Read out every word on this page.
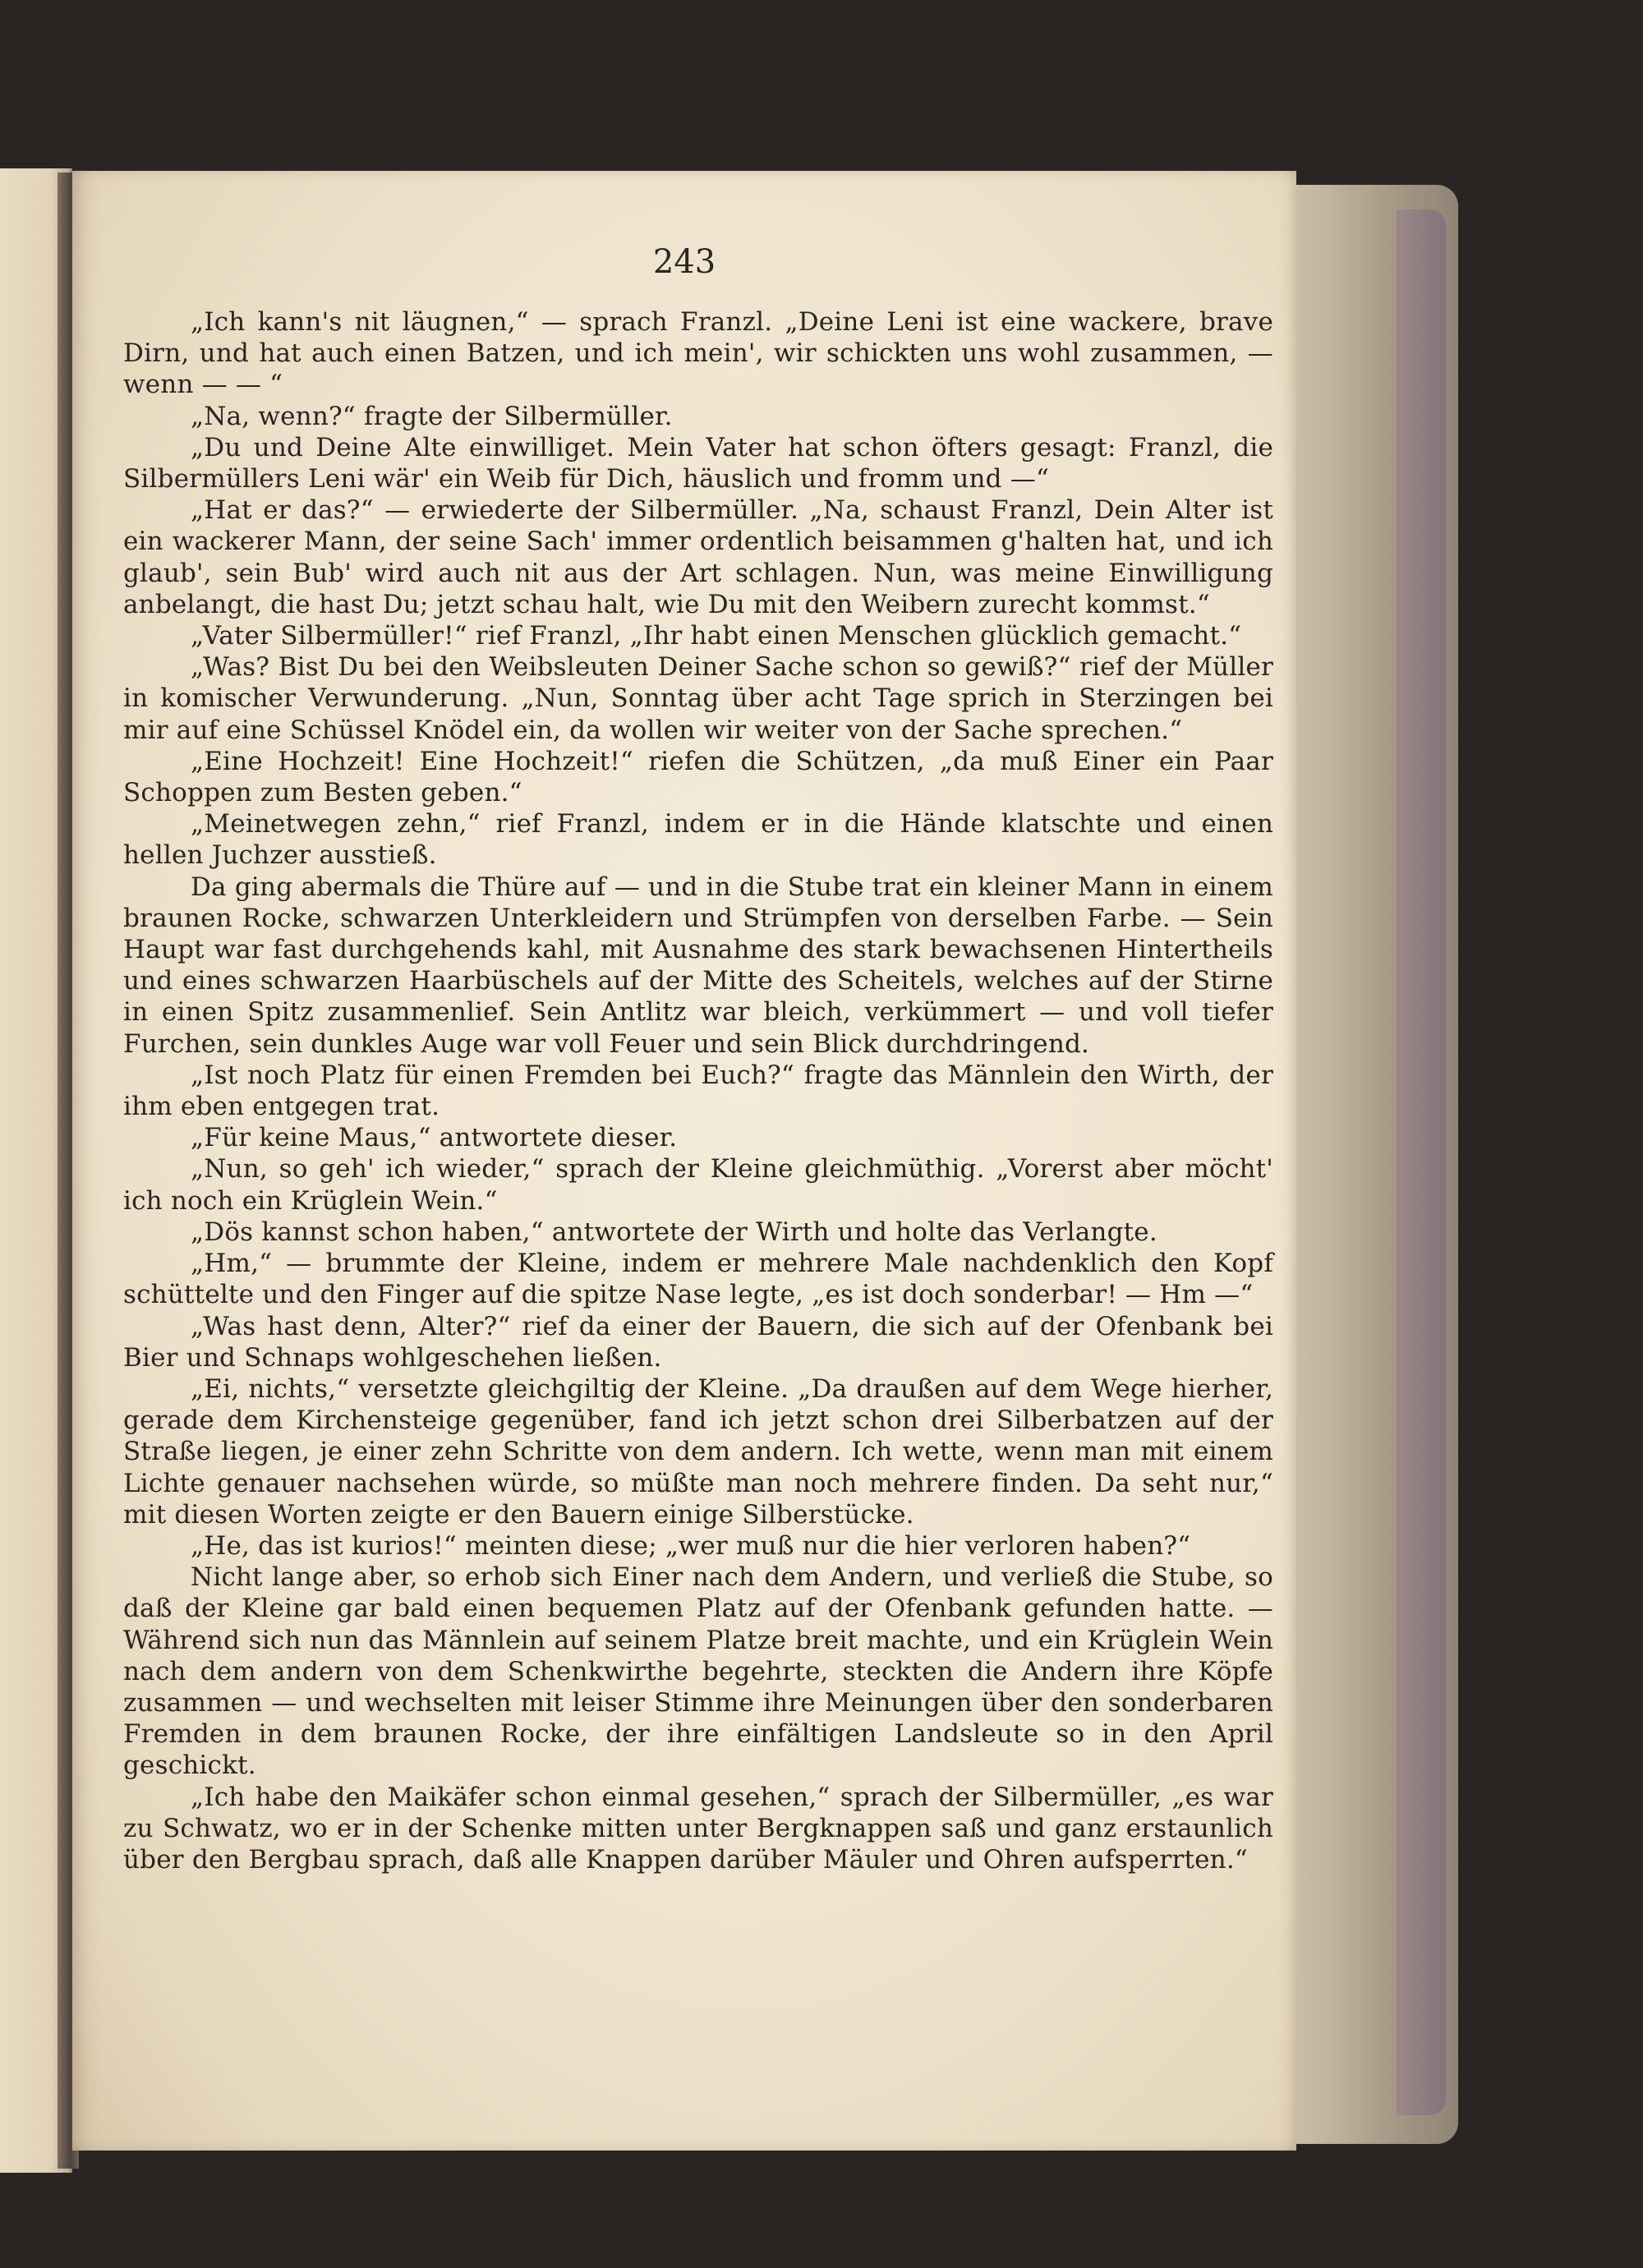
243

„Ich kann's nit läugnen,“ — sprach Franzl. „Deine Leni ist eine wackere, brave Dirn, und hat auch einen Batzen, und ich mein', wir schickten uns wohl zusammen, — wenn — — “

„Na, wenn?“ fragte der Silbermüller.

„Du und Deine Alte einwilliget. Mein Vater hat schon öfters gesagt: Franzl, die Silbermüllers Leni wär' ein Weib für Dich, häuslich und fromm und —“

„Hat er das?“ — erwiederte der Silbermüller. „Na, schaust Franzl, Dein Alter ist ein wackerer Mann, der seine Sach' immer ordentlich beisammen g'halten hat, und ich glaub', sein Bub' wird auch nit aus der Art schlagen. Nun, was meine Einwilligung anbelangt, die hast Du; jetzt schau halt, wie Du mit den Weibern zurecht kommst.“

„Vater Silbermüller!“ rief Franzl, „Ihr habt einen Menschen glücklich gemacht.“

„Was? Bist Du bei den Weibsleuten Deiner Sache schon so gewiß?“ rief der Müller in komischer Verwunderung. „Nun, Sonntag über acht Tage sprich in Sterzingen bei mir auf eine Schüssel Knödel ein, da wollen wir weiter von der Sache sprechen.“

„Eine Hochzeit! Eine Hochzeit!“ riefen die Schützen, „da muß Einer ein Paar Schoppen zum Besten geben.“

„Meinetwegen zehn,“ rief Franzl, indem er in die Hände klatschte und einen hellen Juchzer ausstieß.

Da ging abermals die Thüre auf — und in die Stube trat ein kleiner Mann in einem braunen Rocke, schwarzen Unterkleidern und Strümpfen von derselben Farbe. — Sein Haupt war fast durchgehends kahl, mit Ausnahme des stark bewachsenen Hintertheils und eines schwarzen Haarbüschels auf der Mitte des Scheitels, welches auf der Stirne in einen Spitz zusammenlief. Sein Antlitz war bleich, verkümmert — und voll tiefer Furchen, sein dunkles Auge war voll Feuer und sein Blick durchdringend.

„Ist noch Platz für einen Fremden bei Euch?“ fragte das Männlein den Wirth, der ihm eben entgegen trat.

„Für keine Maus,“ antwortete dieser.

„Nun, so geh' ich wieder,“ sprach der Kleine gleichmüthig. „Vorerst aber möcht' ich noch ein Krüglein Wein.“

„Dös kannst schon haben,“ antwortete der Wirth und holte das Verlangte.

„Hm,“ — brummte der Kleine, indem er mehrere Male nachdenklich den Kopf schüttelte und den Finger auf die spitze Nase legte, „es ist doch sonderbar! — Hm —“

„Was hast denn, Alter?“ rief da einer der Bauern, die sich auf der Ofenbank bei Bier und Schnaps wohlgeschehen ließen.

„Ei, nichts,“ versetzte gleichgiltig der Kleine. „Da draußen auf dem Wege hierher, gerade dem Kirchensteige gegenüber, fand ich jetzt schon drei Silberbatzen auf der Straße liegen, je einer zehn Schritte von dem andern. Ich wette, wenn man mit einem Lichte genauer nachsehen würde, so müßte man noch mehrere finden. Da seht nur,“ mit diesen Worten zeigte er den Bauern einige Silberstücke.

„He, das ist kurios!“ meinten diese; „wer muß nur die hier verloren haben?“

Nicht lange aber, so erhob sich Einer nach dem Andern, und verließ die Stube, so daß der Kleine gar bald einen bequemen Platz auf der Ofenbank gefunden hatte. — Während sich nun das Männlein auf seinem Platze breit machte, und ein Krüglein Wein nach dem andern von dem Schenkwirthe begehrte, steckten die Andern ihre Köpfe zusammen — und wechselten mit leiser Stimme ihre Meinungen über den sonderbaren Fremden in dem braunen Rocke, der ihre einfältigen Landsleute so in den April geschickt.

„Ich habe den Maikäfer schon einmal gesehen,“ sprach der Silbermüller, „es war zu Schwatz, wo er in der Schenke mitten unter Bergknappen saß und ganz erstaunlich über den Bergbau sprach, daß alle Knappen darüber Mäuler und Ohren aufsperrten.“
